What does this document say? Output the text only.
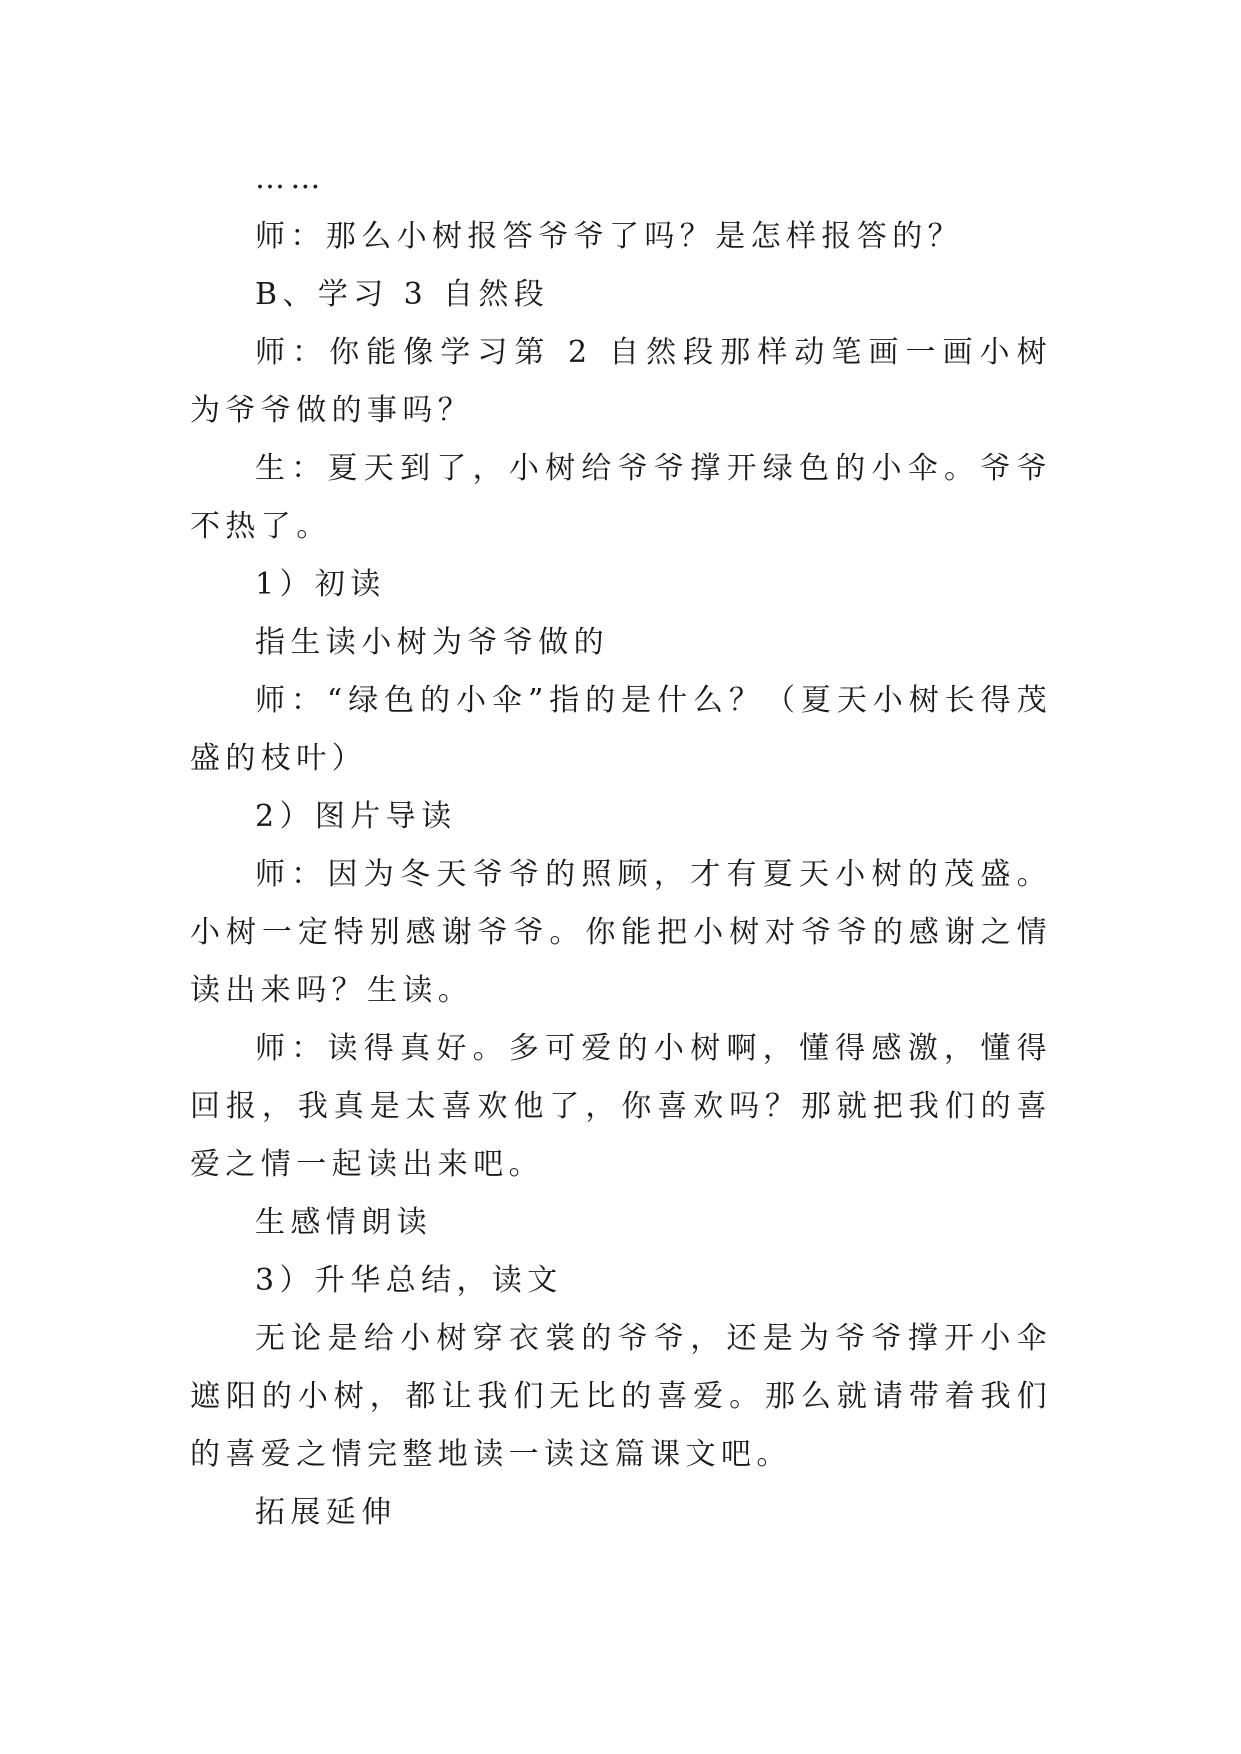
……

师：那么小树报答爷爷了吗？是怎样报答的？

B、学习 3 自然段

师：你能像学习第 2 自然段那样动笔画一画小树为爷爷做的事吗？

生：夏天到了，小树给爷爷撑开绿色的小伞。爷爷不热了。

1）初读

指生读小树为爷爷做的

师：“绿色的小伞”指的是什么？（夏天小树长得茂盛的枝叶）

2）图片导读

师：因为冬天爷爷的照顾，才有夏天小树的茂盛。小树一定特别感谢爷爷。你能把小树对爷爷的感谢之情读出来吗？生读。

师：读得真好。多可爱的小树啊，懂得感激，懂得回报，我真是太喜欢他了，你喜欢吗？那就把我们的喜爱之情一起读出来吧。

生感情朗读

3）升华总结，读文

无论是给小树穿衣裳的爷爷，还是为爷爷撑开小伞遮阳的小树，都让我们无比的喜爱。那么就请带着我们的喜爱之情完整地读一读这篇课文吧。

拓展延伸
